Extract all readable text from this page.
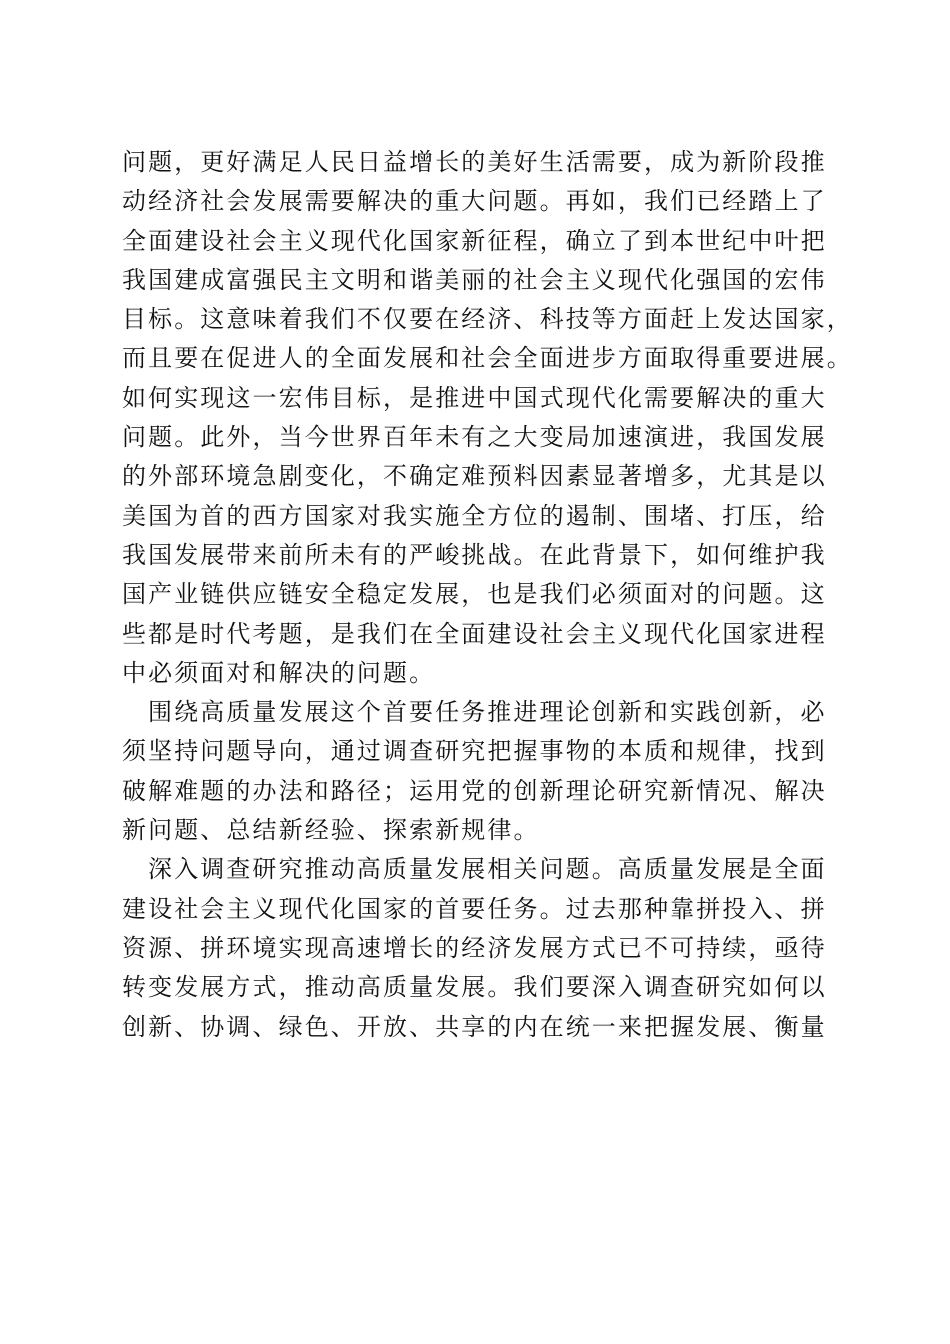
问题，更好满足人民日益增长的美好生活需要，成为新阶段推
动经济社会发展需要解决的重大问题。再如，我们已经踏上了
全面建设社会主义现代化国家新征程，确立了到本世纪中叶把
我国建成富强民主文明和谐美丽的社会主义现代化强国的宏伟
目标。这意味着我们不仅要在经济、科技等方面赶上发达国家，
而且要在促进人的全面发展和社会全面进步方面取得重要进展。
如何实现这一宏伟目标，是推进中国式现代化需要解决的重大
问题。此外，当今世界百年未有之大变局加速演进，我国发展
的外部环境急剧变化，不确定难预料因素显著增多，尤其是以
美国为首的西方国家对我实施全方位的遏制、围堵、打压，给
我国发展带来前所未有的严峻挑战。在此背景下，如何维护我
国产业链供应链安全稳定发展，也是我们必须面对的问题。这
些都是时代考题，是我们在全面建设社会主义现代化国家进程
中必须面对和解决的问题。
围绕高质量发展这个首要任务推进理论创新和实践创新，必
须坚持问题导向，通过调查研究把握事物的本质和规律，找到
破解难题的办法和路径；运用党的创新理论研究新情况、解决
新问题、总结新经验、探索新规律。
深入调查研究推动高质量发展相关问题。高质量发展是全面
建设社会主义现代化国家的首要任务。过去那种靠拼投入、拼
资源、拼环境实现高速增长的经济发展方式已不可持续，亟待
转变发展方式，推动高质量发展。我们要深入调查研究如何以
创新、协调、绿色、开放、共享的内在统一来把握发展、衡量
